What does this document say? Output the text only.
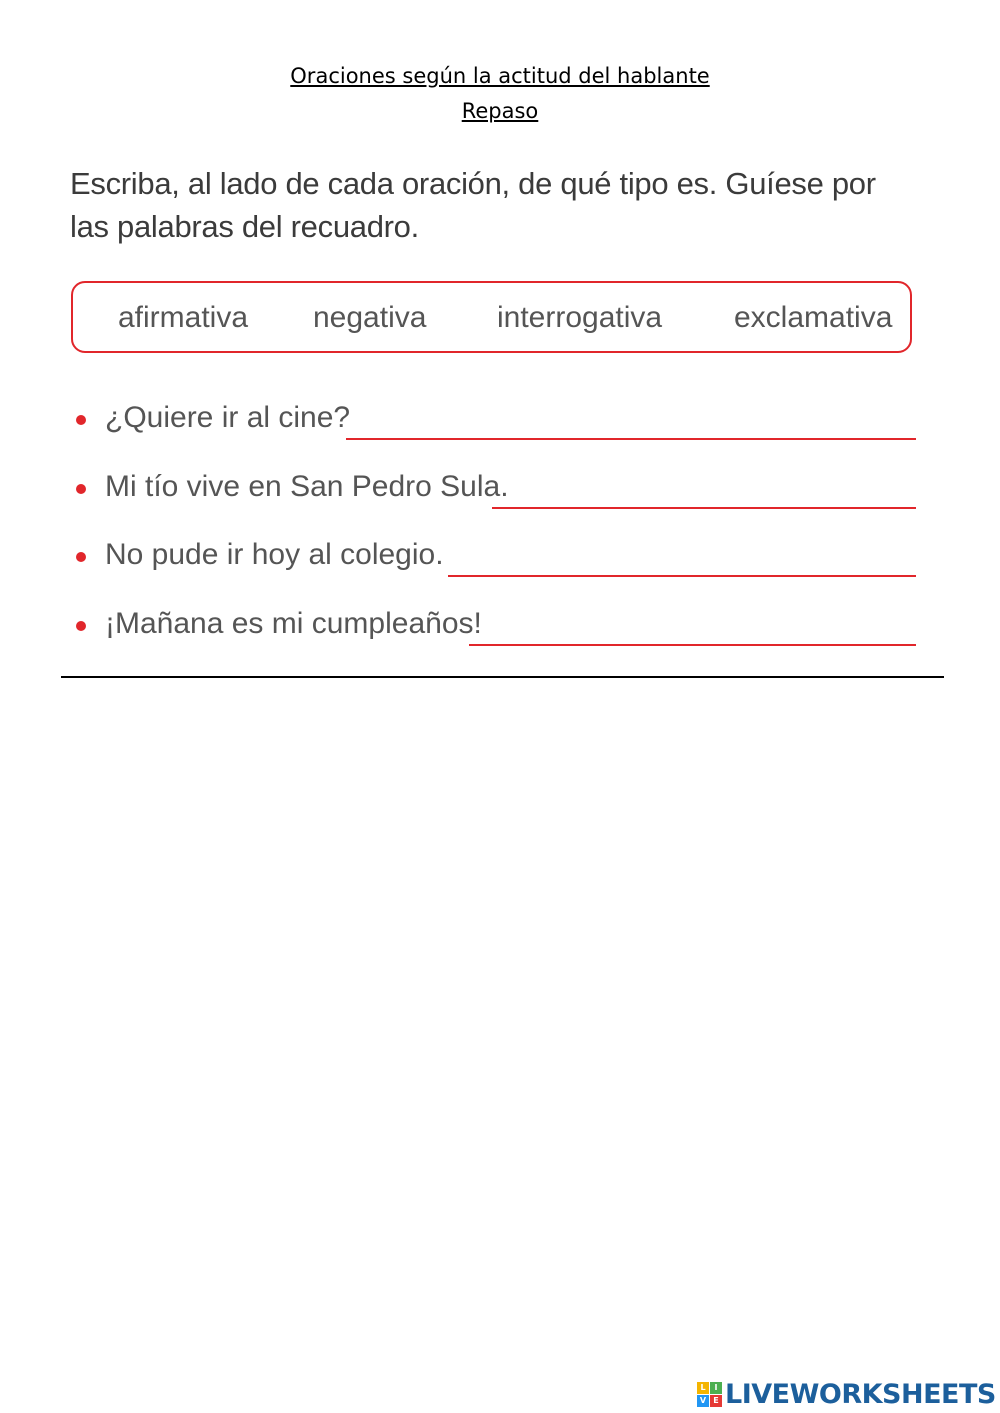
Oraciones según la actitud del hablante
Repaso
Escriba, al lado de cada oración, de qué tipo es. Guíese por las palabras del recuadro.
afirmativa negativa interrogativa exclamativa
¿Quiere ir al cine?
Mi tío vive en San Pedro Sula.
No pude ir hoy al colegio.
¡Mañana es mi cumpleaños!
L	I
V E LIVEWORKSHEETS
